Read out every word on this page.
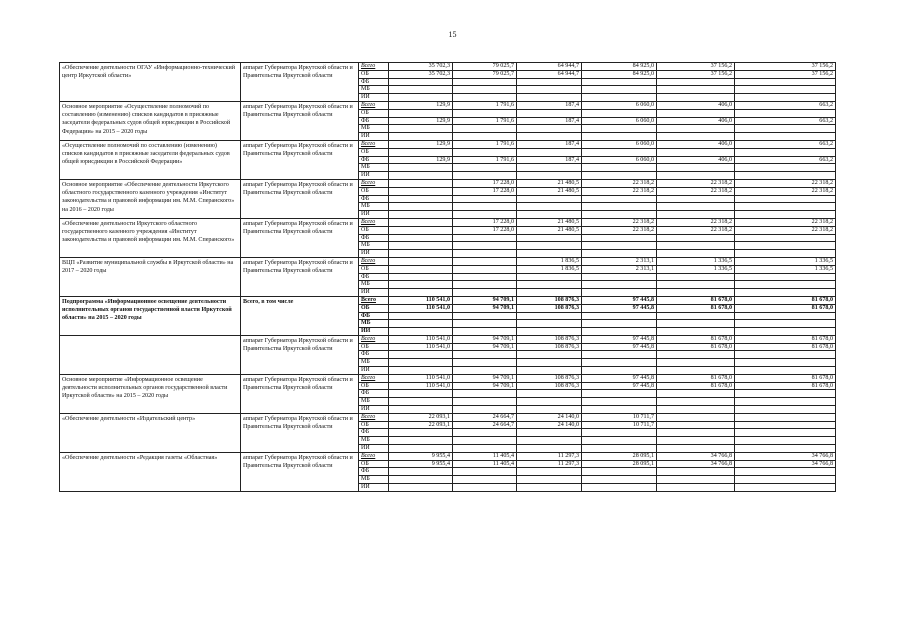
15
«Обеспечение деятельности ОГАУ «Информационно-технический центр Иркутской области»	аппарат Губернатора Иркутской области и Правительства Иркутской области	Всего	35 702,3	79 025,7	64 944,7	84 925,0	37 156,2	37 156,2
		ОБ	35 702,3	79 025,7	64 944,7	84 925,0	37 156,2	37 156,2
		ФБ						
		МБ						
		ИИ						
Основное мероприятие «Осуществление полномочий по составлению (изменению) списков кандидатов в присяжные заседатели федеральных судов общей юрисдикции в Российской Федерации» на 2015 – 2020 годы	аппарат Губернатора Иркутской области и Правительства Иркутской области	Всего	129,9	1 791,6	187,4	6 060,0	406,0	663,2
		ОБ						
		ФБ	129,9	1 791,6	187,4	6 060,0	406,0	663,2
		МБ						
		ИИ						
«Осуществление полномочий по составлению (изменению) списков кандидатов в присяжные заседатели федеральных судов общей юрисдикции в Российской Федерации»	аппарат Губернатора Иркутской области и Правительства Иркутской области	Всего	129,9	1 791,6	187,4	6 060,0	406,0	663,2
		ОБ						
		ФБ	129,9	1 791,6	187,4	6 060,0	406,0	663,2
		МБ						
		ИИ						
Основное мероприятие «Обеспечение деятельности Иркутского областного государственного казенного учреждения «Институт законодательства и правовой информации им. М.М. Сперанского» на 2016 – 2020 годы	аппарат Губернатора Иркутской области и Правительства Иркутской области	Всего		17 228,0	21 480,5	22 318,2	22 318,2	22 318,2
		ОБ		17 228,0	21 480,5	22 318,2	22 318,2	22 318,2
		ФБ						
		МБ						
		ИИ						
«Обеспечение деятельности Иркутского областного государственного казенного учреждения «Институт законодательства и правовой информации им. М.М. Сперанского»	аппарат Губернатора Иркутской области и Правительства Иркутской области	Всего		17 228,0	21 480,5	22 318,2	22 318,2	22 318,2
		ОБ		17 228,0	21 480,5	22 318,2	22 318,2	22 318,2
		ФБ						
		МБ						
		ИИ						
ВЦП «Развитие муниципальной службы в Иркутской области» на 2017 – 2020 годы	аппарат Губернатора Иркутской области и Правительства Иркутской области	Всего			1 836,5	2 313,1	1 336,5	1 336,5
		ОБ			1 836,5	2 313,1	1 336,5	1 336,5
		ФБ						
		МБ						
		ИИ						
Подпрограмма «Информационное освещение деятельности исполнительных органов государственной власти Иркутской области» на 2015 – 2020 годы	Всего, в том числе	Всего	110 541,0	94 709,1	108 876,3	97 445,8	81 678,0	81 678,0
		ОБ	110 541,0	94 709,1	108 876,3	97 445,8	81 678,0	81 678,0
		ФБ						
		МБ						
		ИИ						
	аппарат Губернатора Иркутской области и Правительства Иркутской области	Всего	110 541,0	94 709,1	108 876,3	97 445,8	81 678,0	81 678,0
		ОБ	110 541,0	94 709,1	108 876,3	97 445,8	81 678,0	81 678,0
		ФБ						
		МБ						
		ИИ						
Основное мероприятие «Информационное освещение деятельности исполнительных органов государственной власти Иркутской области» на 2015 – 2020 годы	аппарат Губернатора Иркутской области и Правительства Иркутской области	Всего	110 541,0	94 709,1	108 876,3	97 445,8	81 678,0	81 678,0
		ОБ	110 541,0	94 709,1	108 876,3	97 445,8	81 678,0	81 678,0
		ФБ						
		МБ						
		ИИ						
«Обеспечение деятельности «Издательский центр»	аппарат Губернатора Иркутской области и Правительства Иркутской области	Всего	22 093,1	24 664,7	24 140,0	10 711,7		
		ОБ	22 093,1	24 664,7	24 140,0	10 711,7		
		ФБ						
		МБ						
		ИИ						
«Обеспечение деятельности «Редакция газеты «Областная»	аппарат Губернатора Иркутской области и Правительства Иркутской области	Всего	9 955,4	11 405,4	11 297,3	28 095,1	34 766,8	34 766,8
		ОБ	9 955,4	11 405,4	11 297,3	28 095,1	34 766,8	34 766,8
		ФБ						
		МБ						
		ИИ						
